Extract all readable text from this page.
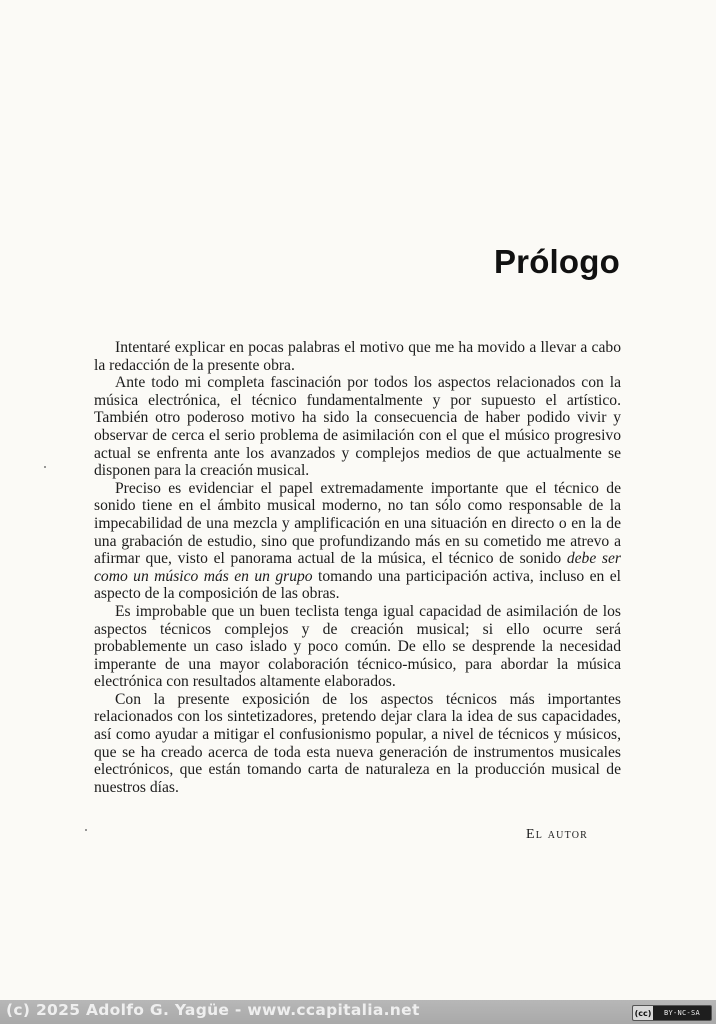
Prólogo

Intentaré explicar en pocas palabras el motivo que me ha movido a llevar a cabo la redacción de la presente obra.

Ante todo mi completa fascinación por todos los aspectos relacionados con la música electrónica, el técnico fundamentalmente y por supuesto el artístico. También otro poderoso motivo ha sido la consecuencia de haber podido vivir y observar de cerca el serio problema de asimilación con el que el músico progresivo actual se enfrenta ante los avanzados y complejos medios de que actualmente se disponen para la creación musical.

Preciso es evidenciar el papel extremadamente importante que el técnico de sonido tiene en el ámbito musical moderno, no tan sólo como responsable de la impecabilidad de una mezcla y amplificación en una situación en directo o en la de una grabación de estudio, sino que profundizando más en su cometido me atrevo a afirmar que, visto el panorama actual de la música, el técnico de sonido debe ser como un músico más en un grupo tomando una participación activa, incluso en el aspecto de la composición de las obras.

Es improbable que un buen teclista tenga igual capacidad de asimilación de los aspectos técnicos complejos y de creación musical; si ello ocurre será probablemente un caso islado y poco común. De ello se desprende la necesidad imperante de una mayor colaboración técnico-músico, para abordar la música electrónica con resultados altamente elaborados.

Con la presente exposición de los aspectos técnicos más importantes relacionados con los sintetizadores, pretendo dejar clara la idea de sus capacidades, así como ayudar a mitigar el confusionismo popular, a nivel de técnicos y músicos, que se ha creado acerca de toda esta nueva generación de instrumentos musicales electrónicos, que están tomando carta de naturaleza en la producción musical de nuestros días.

El autor
(c) 2025 Adolfo G. Yagüe - www.ccapitalia.net	(cc)	BY-NC-SA
